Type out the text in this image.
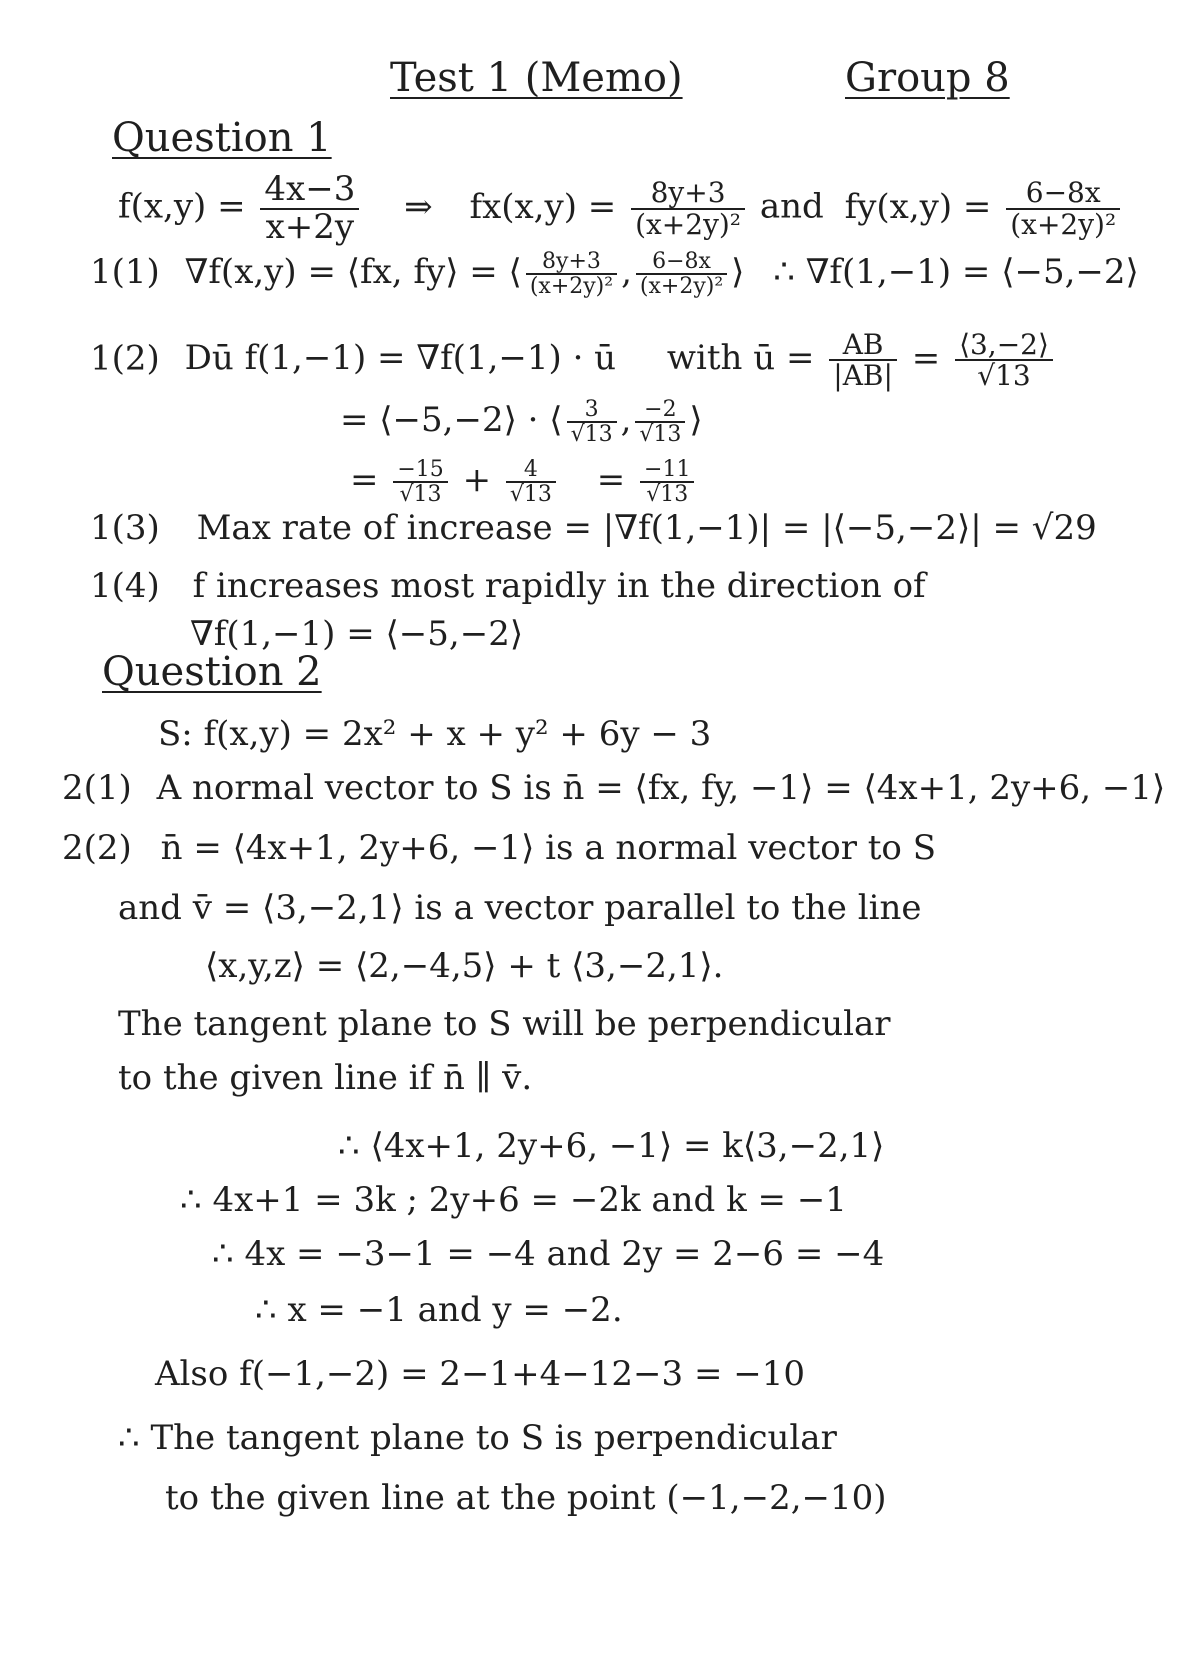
Test 1 (Memo)	Group 8
Question 1
$f(x,y) = \frac{4x-3}{x+2y}$ ⇒ $fx(x,y) = \frac{8y+3}{\text{(x+2y)²}}$ and $fy(x,y) = \frac{6-8x}{\text{(x+2y)²}}$
1(1) ∇f(x,y) = ⟨fx, fy⟩ = ⟨ $\frac{8y+3}{\text{(x+2y)²}}$ , $\frac{6-8x}{\text{(x+2y)²}}$ ⟩ ∴ ∇f(1,−1) = ⟨−5,−2⟩
1(2) Dū f(1,−1) = ∇f(1,−1) · ū with ū = $\frac{AB}{|AB|} = \frac{⟨3,-2⟩}{√13}$
= ⟨−5,−2⟩ · ⟨ $\frac{3}{√13}$ , $\frac{-2}{√13}$ ⟩
= $\frac{-15}{√13} + \frac{4}{√13} = \frac{-11}{√13}$
1(3) Max rate of increase = |∇f(1,−1)| = |⟨−5,−2⟩| = √29
1(4) f increases most rapidly in the direction of
∇f(1,−1) = ⟨−5,−2⟩
Question 2
S: f(x,y) = 2x² + x + y² + 6y − 3
2(1) A normal vector to S is n̄ = ⟨fx, fy, −1⟩ = ⟨4x+1, 2y+6, −1⟩
2(2) n̄ = ⟨4x+1, 2y+6, −1⟩ is a normal vector to S
and v̄ = ⟨3,−2,1⟩ is a vector parallel to the line
⟨x,y,z⟩ = ⟨2,−4,5⟩ + t ⟨3,−2,1⟩.
The tangent plane to S will be perpendicular
to the given line if n̄ ∥ v̄.
∴ ⟨4x+1, 2y+6, −1⟩ = k⟨3,−2,1⟩
∴ 4x+1 = 3k ; 2y+6 = −2k and k = −1
∴ 4x = −3−1 = −4 and 2y = 2−6 = −4
∴ x = −1 and y = −2.
Also f(−1,−2) = 2−1+4−12−3 = −10
∴ The tangent plane to S is perpendicular
to the given line at the point (−1,−2,−10)
